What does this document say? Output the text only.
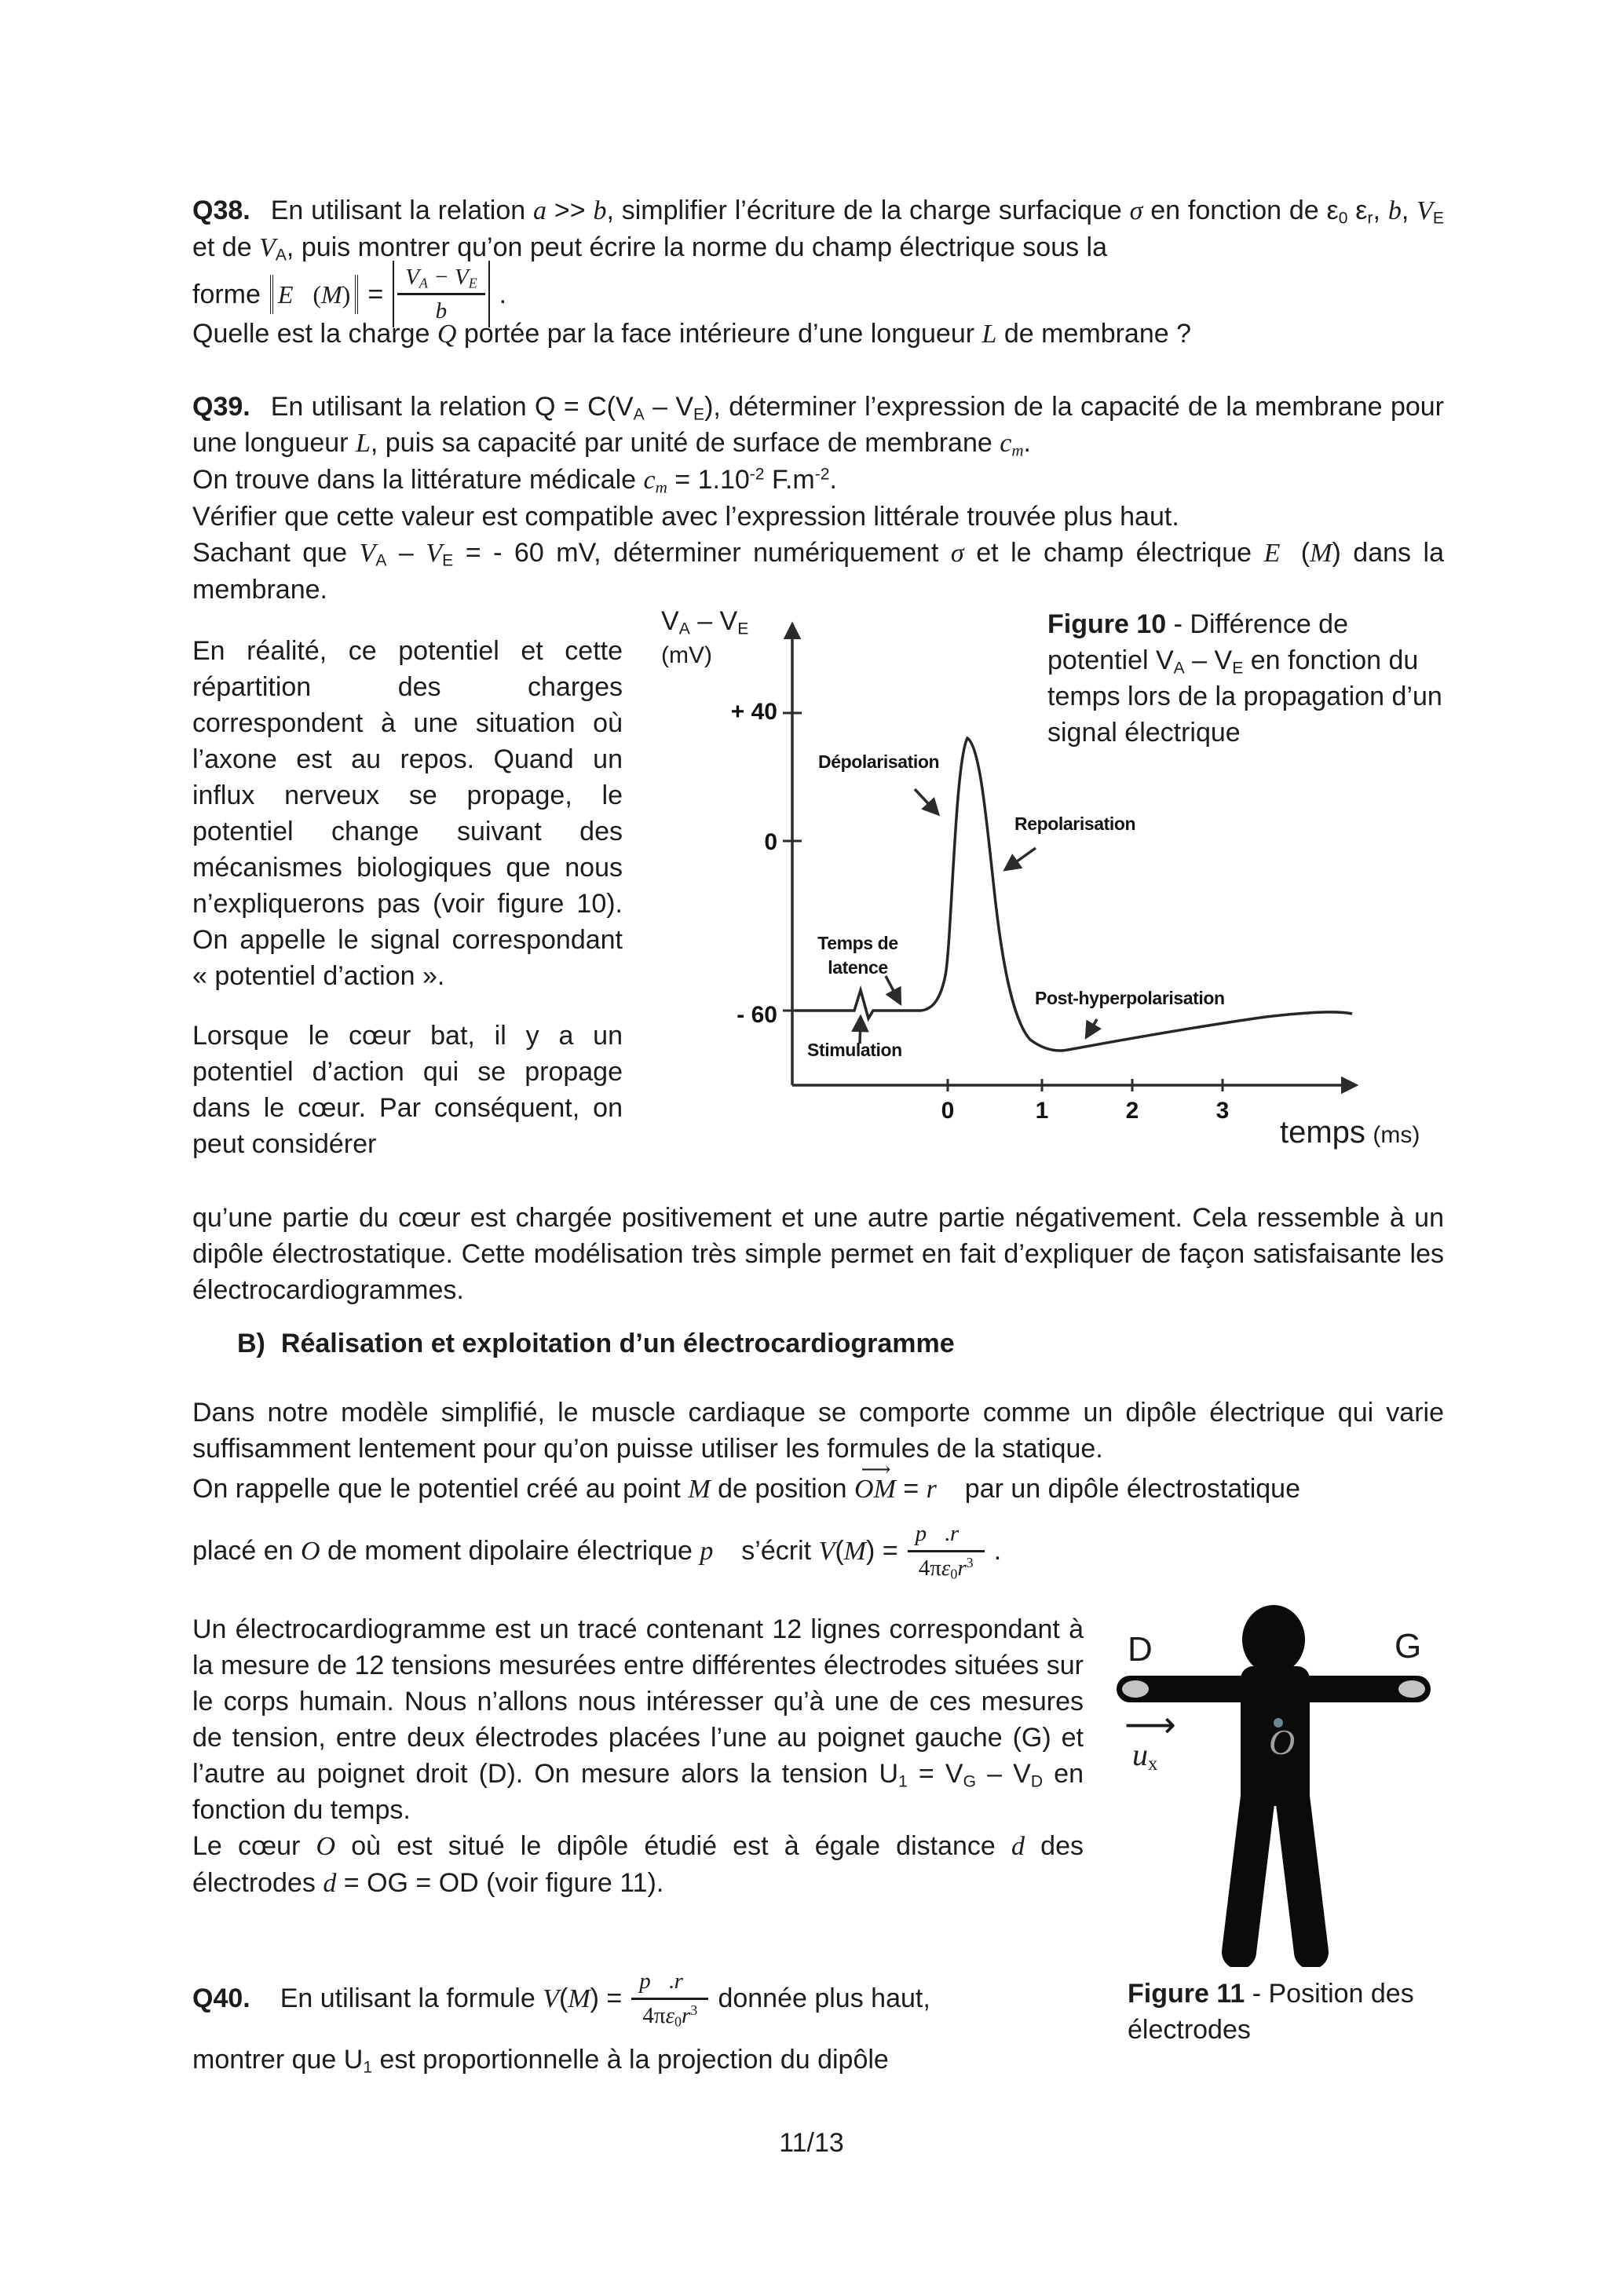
Q38. En utilisant la relation a >> b, simplifier l’écriture de la charge surfacique σ en fonction de $\varepsilon_0$ $\varepsilon_r$, b, $V_E$ et de $V_A$, puis montrer qu’on peut écrire la norme du champ électrique sous la

forme E⃗(M) = $\frac{V_A - V_E}{b}$ .

Quelle est la charge Q portée par la face intérieure d’une longueur L de membrane ?

Q39. En utilisant la relation $Q = C(V_A - V_E)$, déterminer l’expression de la capacité de la membrane pour une longueur L, puis sa capacité par unité de surface de membrane $c_m$.

On trouve dans la littérature médicale $c_m = 1.10^{-2}$ $F.m^{-2}$.

Vérifier que cette valeur est compatible avec l’expression littérale trouvée plus haut.

Sachant que $V_A - V_E$ = - 60 mV, déterminer numériquement σ et le champ électrique E⃗(M) dans la membrane.

En réalité, ce potentiel et cette répartition des charges correspondent à une situation où l’axone est au repos. Quand un influx nerveux se propage, le potentiel change suivant des mécanismes biologiques que nous n’expliquerons pas (voir figure 10). On appelle le signal correspondant « potentiel d’action ».

Lorsque le cœur bat, il y a un potentiel d’action qui se propage dans le cœur. Par conséquent, on peut considérer

$V_A - V_E$
(mV)
+ 40
0
- 60
0	1	2	3
temps (ms)
Dépolarisation
Repolarisation
Temps de latence
Stimulation
Post-hyperpolarisation
Figure 10 - Différence de potentiel $V_A - V_E$ en fonction du temps lors de la propagation d’un signal électrique

qu’une partie du cœur est chargée positivement et une autre partie négativement. Cela ressemble à un dipôle électrostatique. Cette modélisation très simple permet en fait d’expliquer de façon satisfaisante les électrocardiogrammes.

B) Réalisation et exploitation d’un électrocardiogramme

Dans notre modèle simplifié, le muscle cardiaque se comporte comme un dipôle électrique qui varie suffisamment lentement pour qu’on puisse utiliser les formules de la statique.

On rappelle que le potentiel créé au point M de position
⟶
OM = r⃗ par un dipôle électrostatique

placé en O de moment dipolaire électrique p⃗ s’écrit $V(M) = \frac{p⃗.r⃗}{4\pi\varepsilon_0r^3}$ .

Un électrocardiogramme est un tracé contenant 12 lignes correspondant à la mesure de 12 tensions mesurées entre différentes électrodes situées sur le corps humain. Nous n’allons nous intéresser qu’à une de ces mesures de tension, entre deux électrodes placées l’une au poignet gauche (G) et l’autre au poignet droit (D). On mesure alors la tension $U_1 = V_G - V_D$ en fonction du temps.

Le cœur O où est situé le dipôle étudié est à égale distance d des électrodes d = OG = OD (voir figure 11).

D	G
O
⟶
$u_x$
Figure 11 - Position des électrodes
Q40. En utilisant la formule $V(M) = \frac{p⃗.r⃗}{4\pi\varepsilon_0r^3}$ donnée plus haut,

montrer que $U_1$ est proportionnelle à la projection du dipôle

11/13
